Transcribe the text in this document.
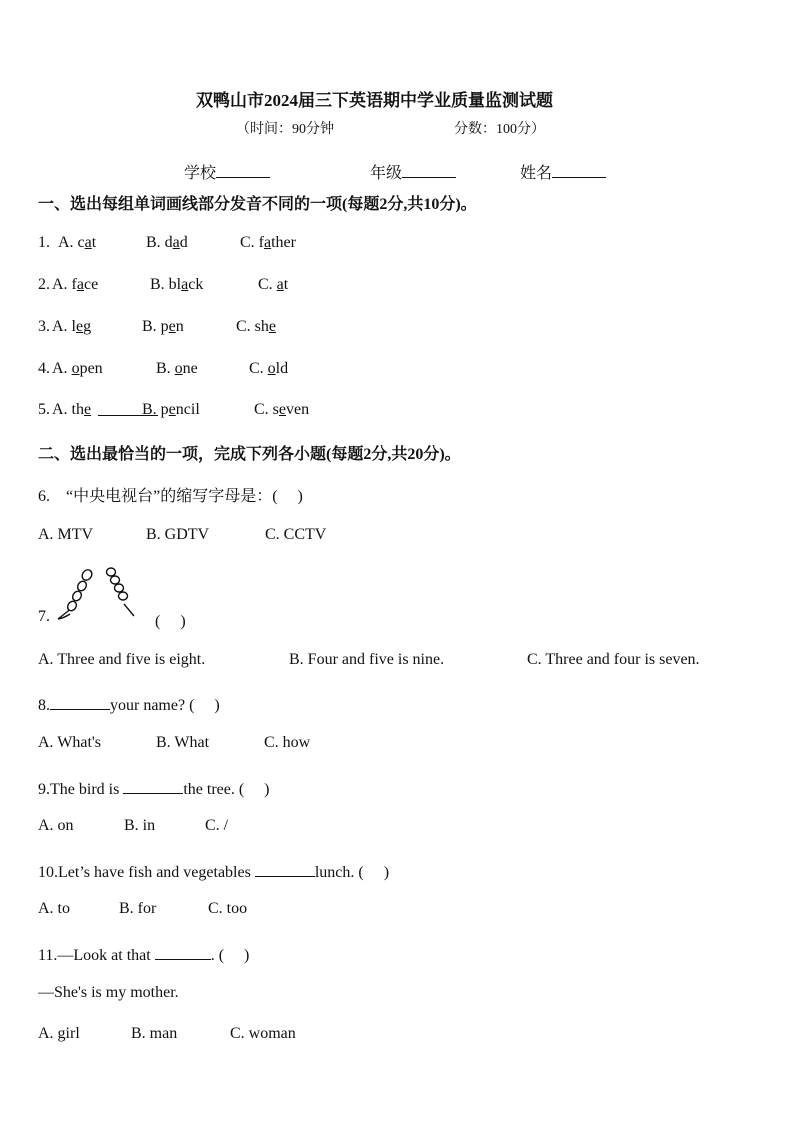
双鸭山市2024届三下英语期中学业质量监测试题
（时间：90分钟	分数：100分）
学校	年级	姓名
一、选出每组单词画线部分发音不同的一项(每题2分,共10分)。
1. A. cat	B. dad	C. father
2. A. face	B. black	C. at
3. A. leg	B. pen	C. she
4. A. open	B. one	C. old
5. A. the	B. pencil	C. seven
二、选出最恰当的一项，完成下列各小题(每题2分,共20分)。
6.　“中央电视台”的缩写字母是：(　 )
A. MTV	B. GDTV	C. CCTV
7.	(　 )
A. Three and five is eight.	B. Four and five is nine.	C. Three and four is seven.
8.	your name? (　 )
A. What's	B. What	C. how
9.The bird is	the tree. (　 )
A. on	B. in	C. /
10.Let’s have fish and vegetables	lunch. (　 )
A. to	B. for	C. too
11.—Look at that	. (　 )
—She's is my mother.
A. girl	B. man	C. woman
